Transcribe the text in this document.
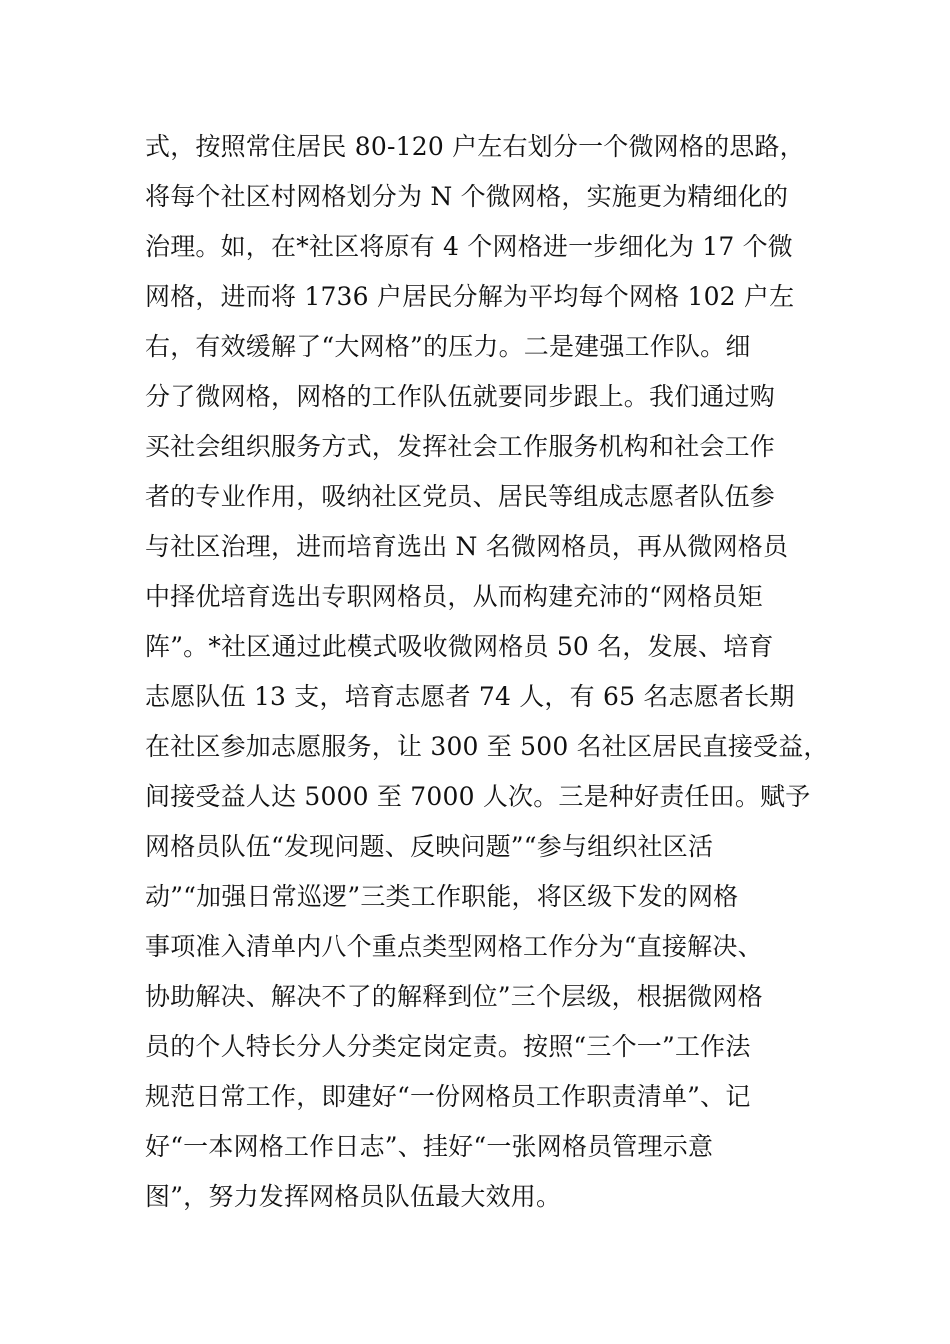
式，按照常住居民 80-120 户左右划分一个微网格的思路，
将每个社区村网格划分为 N 个微网格，实施更为精细化的
治理。如，在*社区将原有 4 个网格进一步细化为 17 个微
网格，进而将 1736 户居民分解为平均每个网格 102 户左
右，有效缓解了“大网格”的压力。二是建强工作队。细
分了微网格，网格的工作队伍就要同步跟上。我们通过购
买社会组织服务方式，发挥社会工作服务机构和社会工作
者的专业作用，吸纳社区党员、居民等组成志愿者队伍参
与社区治理，进而培育选出 N 名微网格员，再从微网格员
中择优培育选出专职网格员，从而构建充沛的“网格员矩
阵”。*社区通过此模式吸收微网格员 50 名，发展、培育
志愿队伍 13 支，培育志愿者 74 人，有 65 名志愿者长期
在社区参加志愿服务，让 300 至 500 名社区居民直接受益，
间接受益人达 5000 至 7000 人次。三是种好责任田。赋予
网格员队伍“发现问题、反映问题”“参与组织社区活
动”“加强日常巡逻”三类工作职能，将区级下发的网格
事项准入清单内八个重点类型网格工作分为“直接解决、
协助解决、解决不了的解释到位”三个层级，根据微网格
员的个人特长分人分类定岗定责。按照“三个一”工作法
规范日常工作，即建好“一份网格员工作职责清单”、记
好“一本网格工作日志”、挂好“一张网格员管理示意
图”，努力发挥网格员队伍最大效用。
